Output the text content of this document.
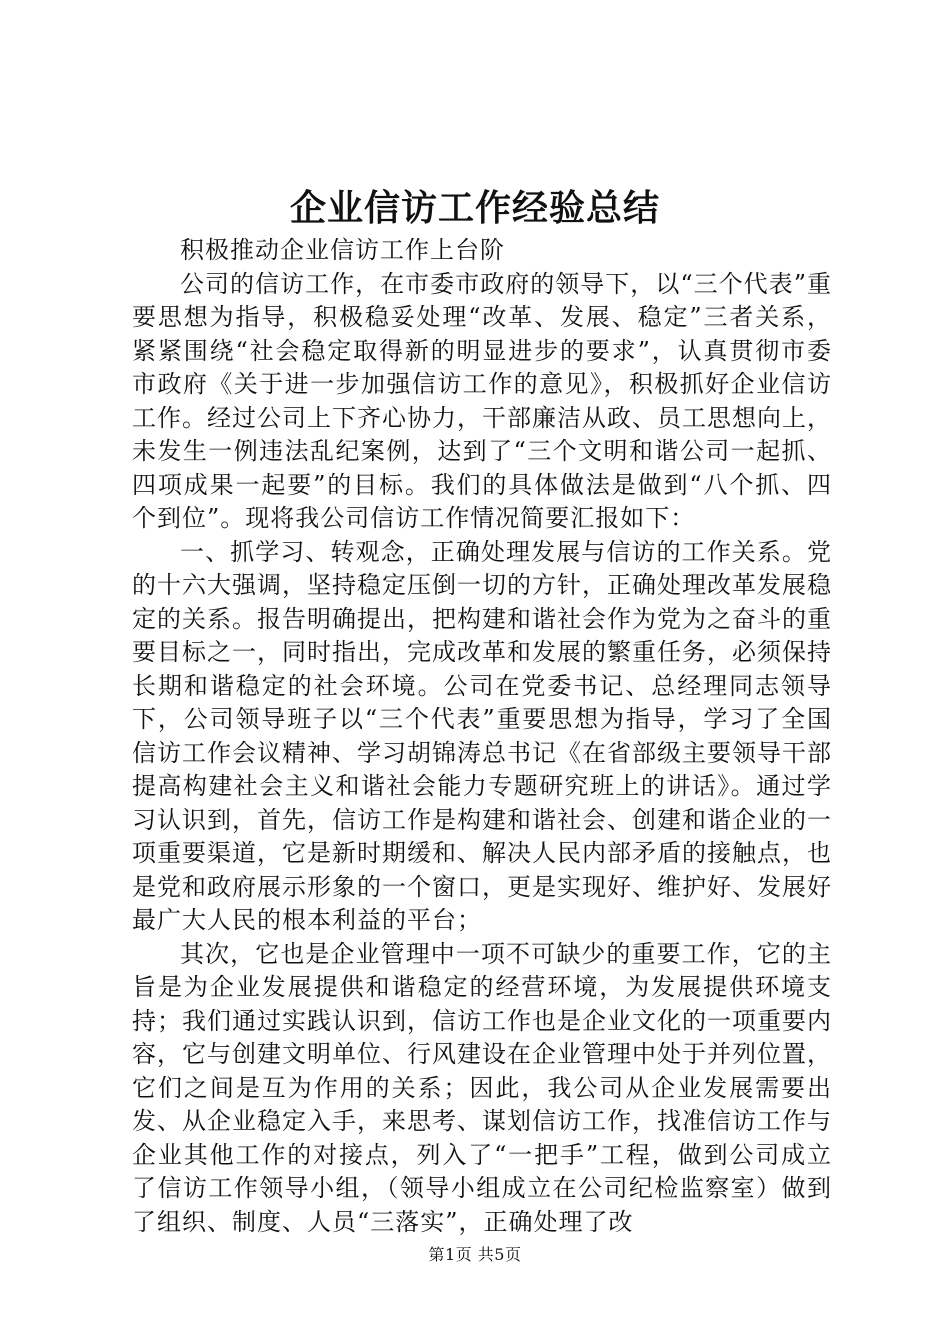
企业信访工作经验总结

积极推动企业信访工作上台阶

公司的信访工作，在市委市政府的领导下，以“三个代表”重要思想为指导，积极稳妥处理“改革、发展、稳定”三者关系，紧紧围绕“社会稳定取得新的明显进步的要求”，认真贯彻市委市政府《关于进一步加强信访工作的意见》，积极抓好企业信访工作。经过公司上下齐心协力，干部廉洁从政、员工思想向上，未发生一例违法乱纪案例，达到了“三个文明和谐公司一起抓、四项成果一起要”的目标。我们的具体做法是做到“八个抓、四个到位”。现将我公司信访工作情况简要汇报如下：

一、抓学习、转观念，正确处理发展与信访的工作关系。党的十六大强调，坚持稳定压倒一切的方针，正确处理改革发展稳定的关系。报告明确提出，把构建和谐社会作为党为之奋斗的重要目标之一，同时指出，完成改革和发展的繁重任务，必须保持长期和谐稳定的社会环境。公司在党委书记、总经理同志领导下，公司领导班子以“三个代表”重要思想为指导，学习了全国信访工作会议精神、学习胡锦涛总书记《在省部级主要领导干部提高构建社会主义和谐社会能力专题研究班上的讲话》。通过学习认识到，首先，信访工作是构建和谐社会、创建和谐企业的一项重要渠道，它是新时期缓和、解决人民内部矛盾的接触点，也是党和政府展示形象的一个窗口，更是实现好、维护好、发展好最广大人民的根本利益的平台；

其次，它也是企业管理中一项不可缺少的重要工作，它的主旨是为企业发展提供和谐稳定的经营环境，为发展提供环境支持；我们通过实践认识到，信访工作也是企业文化的一项重要内容，它与创建文明单位、行风建设在企业管理中处于并列位置，它们之间是互为作用的关系；因此，我公司从企业发展需要出发、从企业稳定入手，来思考、谋划信访工作，找准信访工作与企业其他工作的对接点，列入了“一把手”工程，做到公司成立了信访工作领导小组，（领导小组成立在公司纪检监察室）做到了组织、制度、人员“三落实”，正确处理了改

第1页 共5页
